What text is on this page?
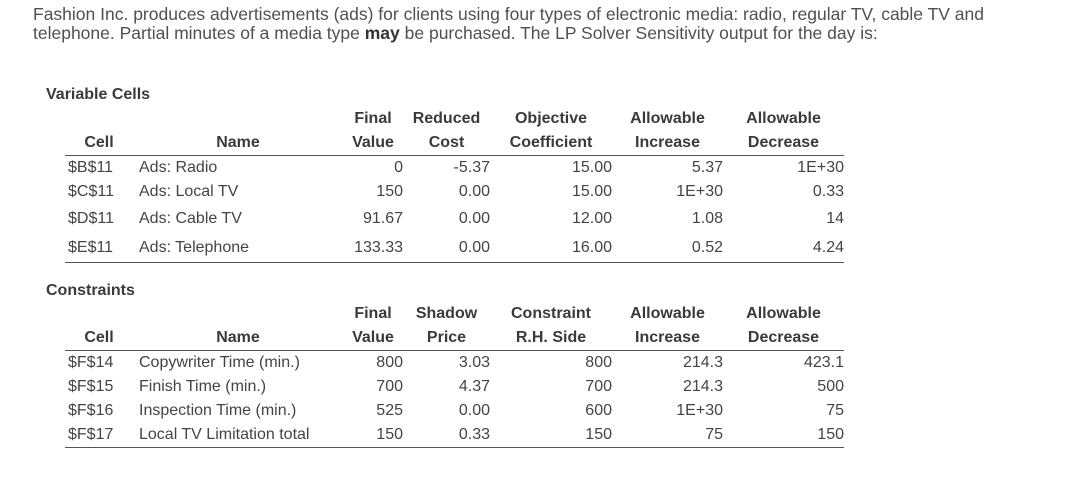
Fashion Inc. produces advertisements (ads) for clients using four types of electronic media: radio, regular TV, cable TV and telephone. Partial minutes of a media type may be purchased. The LP Solver Sensitivity output for the day is:
Variable Cells
		Final	Reduced	Objective	Allowable	Allowable
Cell	Name	Value	Cost	Coefficient	Increase	Decrease
$B$11	Ads: Radio	0	-5.37	15.00	5.37	1E+30
$C$11	Ads: Local TV	150	0.00	15.00	1E+30	0.33
$D$11	Ads: Cable TV	91.67	0.00	12.00	1.08	14
$E$11	Ads: Telephone	133.33	0.00	16.00	0.52	4.24
Constraints
		Final	Shadow	Constraint	Allowable	Allowable
Cell	Name	Value	Price	R.H. Side	Increase	Decrease
$F$14	Copywriter Time (min.)	800	3.03	800	214.3	423.1
$F$15	Finish Time (min.)	700	4.37	700	214.3	500
$F$16	Inspection Time (min.)	525	0.00	600	1E+30	75
$F$17	Local TV Limitation total	150	0.33	150	75	150
